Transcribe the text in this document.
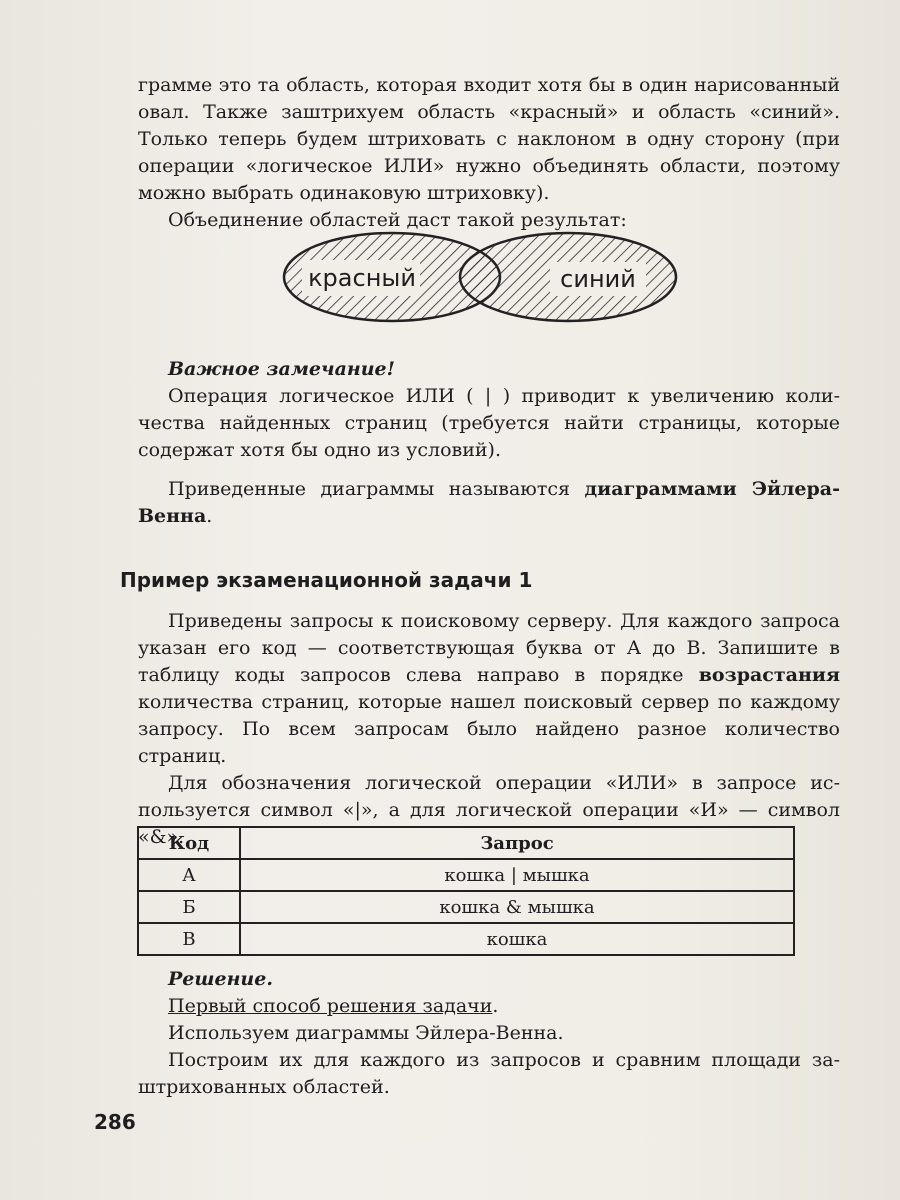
грамме это та область, которая входит хотя бы в один нарисованный овал. Также заштрихуем область «красный» и область «синий». Только теперь будем штриховать с наклоном в одну сторону (при операции «логическое ИЛИ» нужно объединять области, поэтому можно выбрать одинаковую штриховку).

Объединение областей даст такой результат:

красный	синий

Важное замечание!

Операция логическое ИЛИ ( | ) приводит к увеличению количества найденных страниц (требуется найти страницы, которые содержат хотя бы одно из условий).

Приведенные диаграммы называются диаграммами Эйлера-Венна.

Пример экзаменационной задачи 1

Приведены запросы к поисковому серверу. Для каждого запроса указан его код — соответствующая буква от А до В. Запишите в таблицу коды запросов слева направо в порядке возрастания количества страниц, которые нашел поисковый сервер по каждому запросу. По всем запросам было найдено разное количество страниц.

Для обозначения логической операции «ИЛИ» в запросе используется символ «|», а для логической операции «И» — символ «&».

Код	Запрос
А	кошка | мышка
Б	кошка & мышка
В	кошка

Решение.

Первый способ решения задачи.

Используем диаграммы Эйлера-Венна.

Построим их для каждого из запросов и сравним площади заштрихованных областей.

286
